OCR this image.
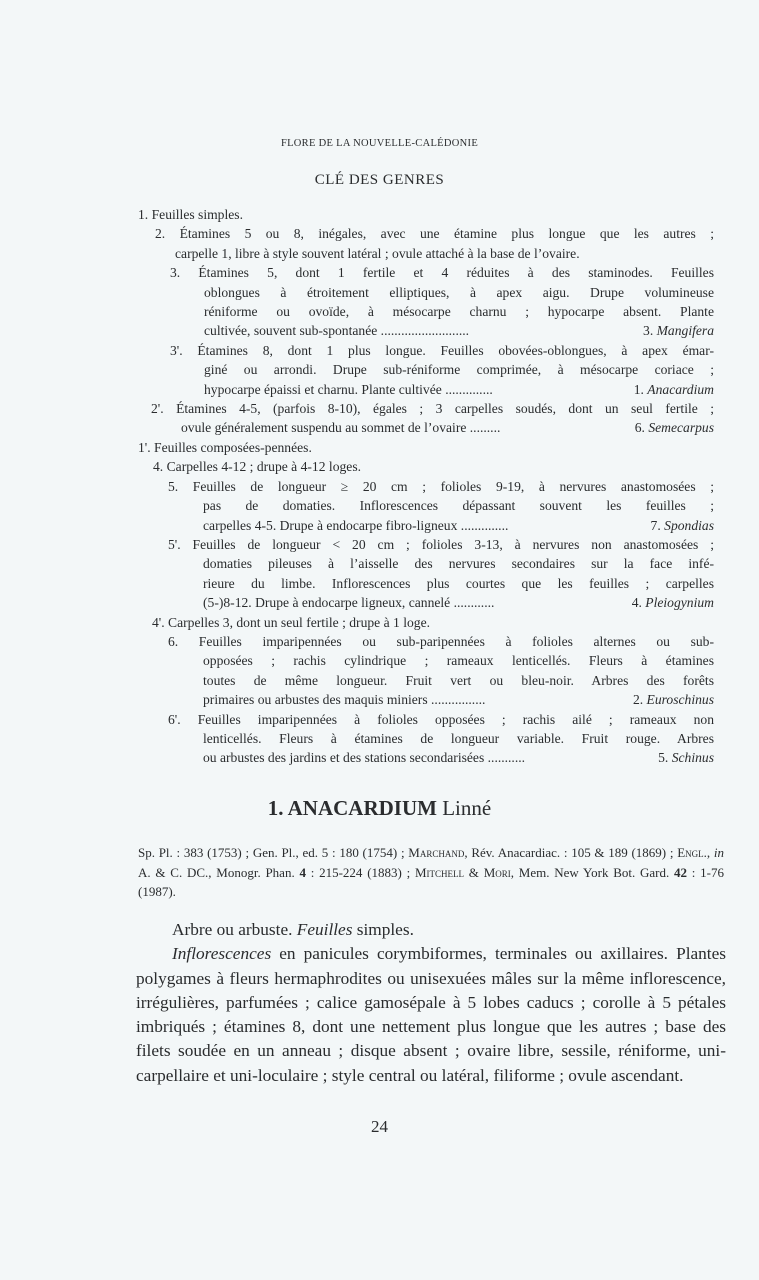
FLORE DE LA NOUVELLE-CALÉDONIE
CLÉ DES GENRES
1. Feuilles simples.
2. Étamines 5 ou 8, inégales, avec une étamine plus longue que les autres ;
carpelle 1, libre à style souvent latéral ; ovule attaché à la base de l’ovaire.
3. Étamines 5, dont 1 fertile et 4 réduites à des staminodes. Feuilles
oblongues à étroitement elliptiques, à apex aigu. Drupe volumineuse
réniforme ou ovoïde, à mésocarpe charnu ; hypocarpe absent. Plante
cultivée, souvent sub-spontanée ..........................	3. Mangifera
3'. Étamines 8, dont 1 plus longue. Feuilles obovées-oblongues, à apex émar-
giné ou arrondi. Drupe sub-réniforme comprimée, à mésocarpe coriace ;
hypocarpe épaissi et charnu. Plante cultivée ..............	1. Anacardium
2'. Étamines 4-5, (parfois 8-10), égales ; 3 carpelles soudés, dont un seul fertile ;
ovule généralement suspendu au sommet de l’ovaire .........	6. Semecarpus
1'. Feuilles composées-pennées.
4. Carpelles 4-12 ; drupe à 4-12 loges.
5. Feuilles de longueur ≥ 20 cm ; folioles 9-19, à nervures anastomosées ;
pas de domaties. Inflorescences dépassant souvent les feuilles ;
carpelles 4-5. Drupe à endocarpe fibro-ligneux ..............	7. Spondias
5'. Feuilles de longueur < 20 cm ; folioles 3-13, à nervures non anastomosées ;
domaties pileuses à l’aisselle des nervures secondaires sur la face infé-
rieure du limbe. Inflorescences plus courtes que les feuilles ; carpelles
(5-)8-12. Drupe à endocarpe ligneux, cannelé ............	4. Pleiogynium
4'. Carpelles 3, dont un seul fertile ; drupe à 1 loge.
6. Feuilles imparipennées ou sub-paripennées à folioles alternes ou sub-
opposées ; rachis cylindrique ; rameaux lenticellés. Fleurs à étamines
toutes de même longueur. Fruit vert ou bleu-noir. Arbres des forêts
primaires ou arbustes des maquis miniers ................	2. Euroschinus
6'. Feuilles imparipennées à folioles opposées ; rachis ailé ; rameaux non
lenticellés. Fleurs à étamines de longueur variable. Fruit rouge. Arbres
ou arbustes des jardins et des stations secondarisées ...........	5. Schinus
1. ANACARDIUM Linné
Sp. Pl. : 383 (1753) ; Gen. Pl., ed. 5 : 180 (1754) ; Marchand, Rév. Anacardiac. : 105 & 189 (1869) ; Engl., in A. & C. DC., Monogr. Phan. 4 : 215-224 (1883) ; Mitchell & Mori, Mem. New York Bot. Gard. 42 : 1-76 (1987).

Arbre ou arbuste. Feuilles simples.

Inflorescences en panicules corymbiformes, terminales ou axillaires. Plantes polygames à fleurs hermaphrodites ou unisexuées mâles sur la même inflorescence, irrégulières, parfumées ; calice gamosépale à 5 lobes caducs ; corolle à 5 pétales imbriqués ; étamines 8, dont une nettement plus longue que les autres ; base des filets soudée en un anneau ; disque absent ; ovaire libre, sessile, réniforme, uni-carpellaire et uni-loculaire ; style central ou latéral, filiforme ; ovule ascendant.

24
